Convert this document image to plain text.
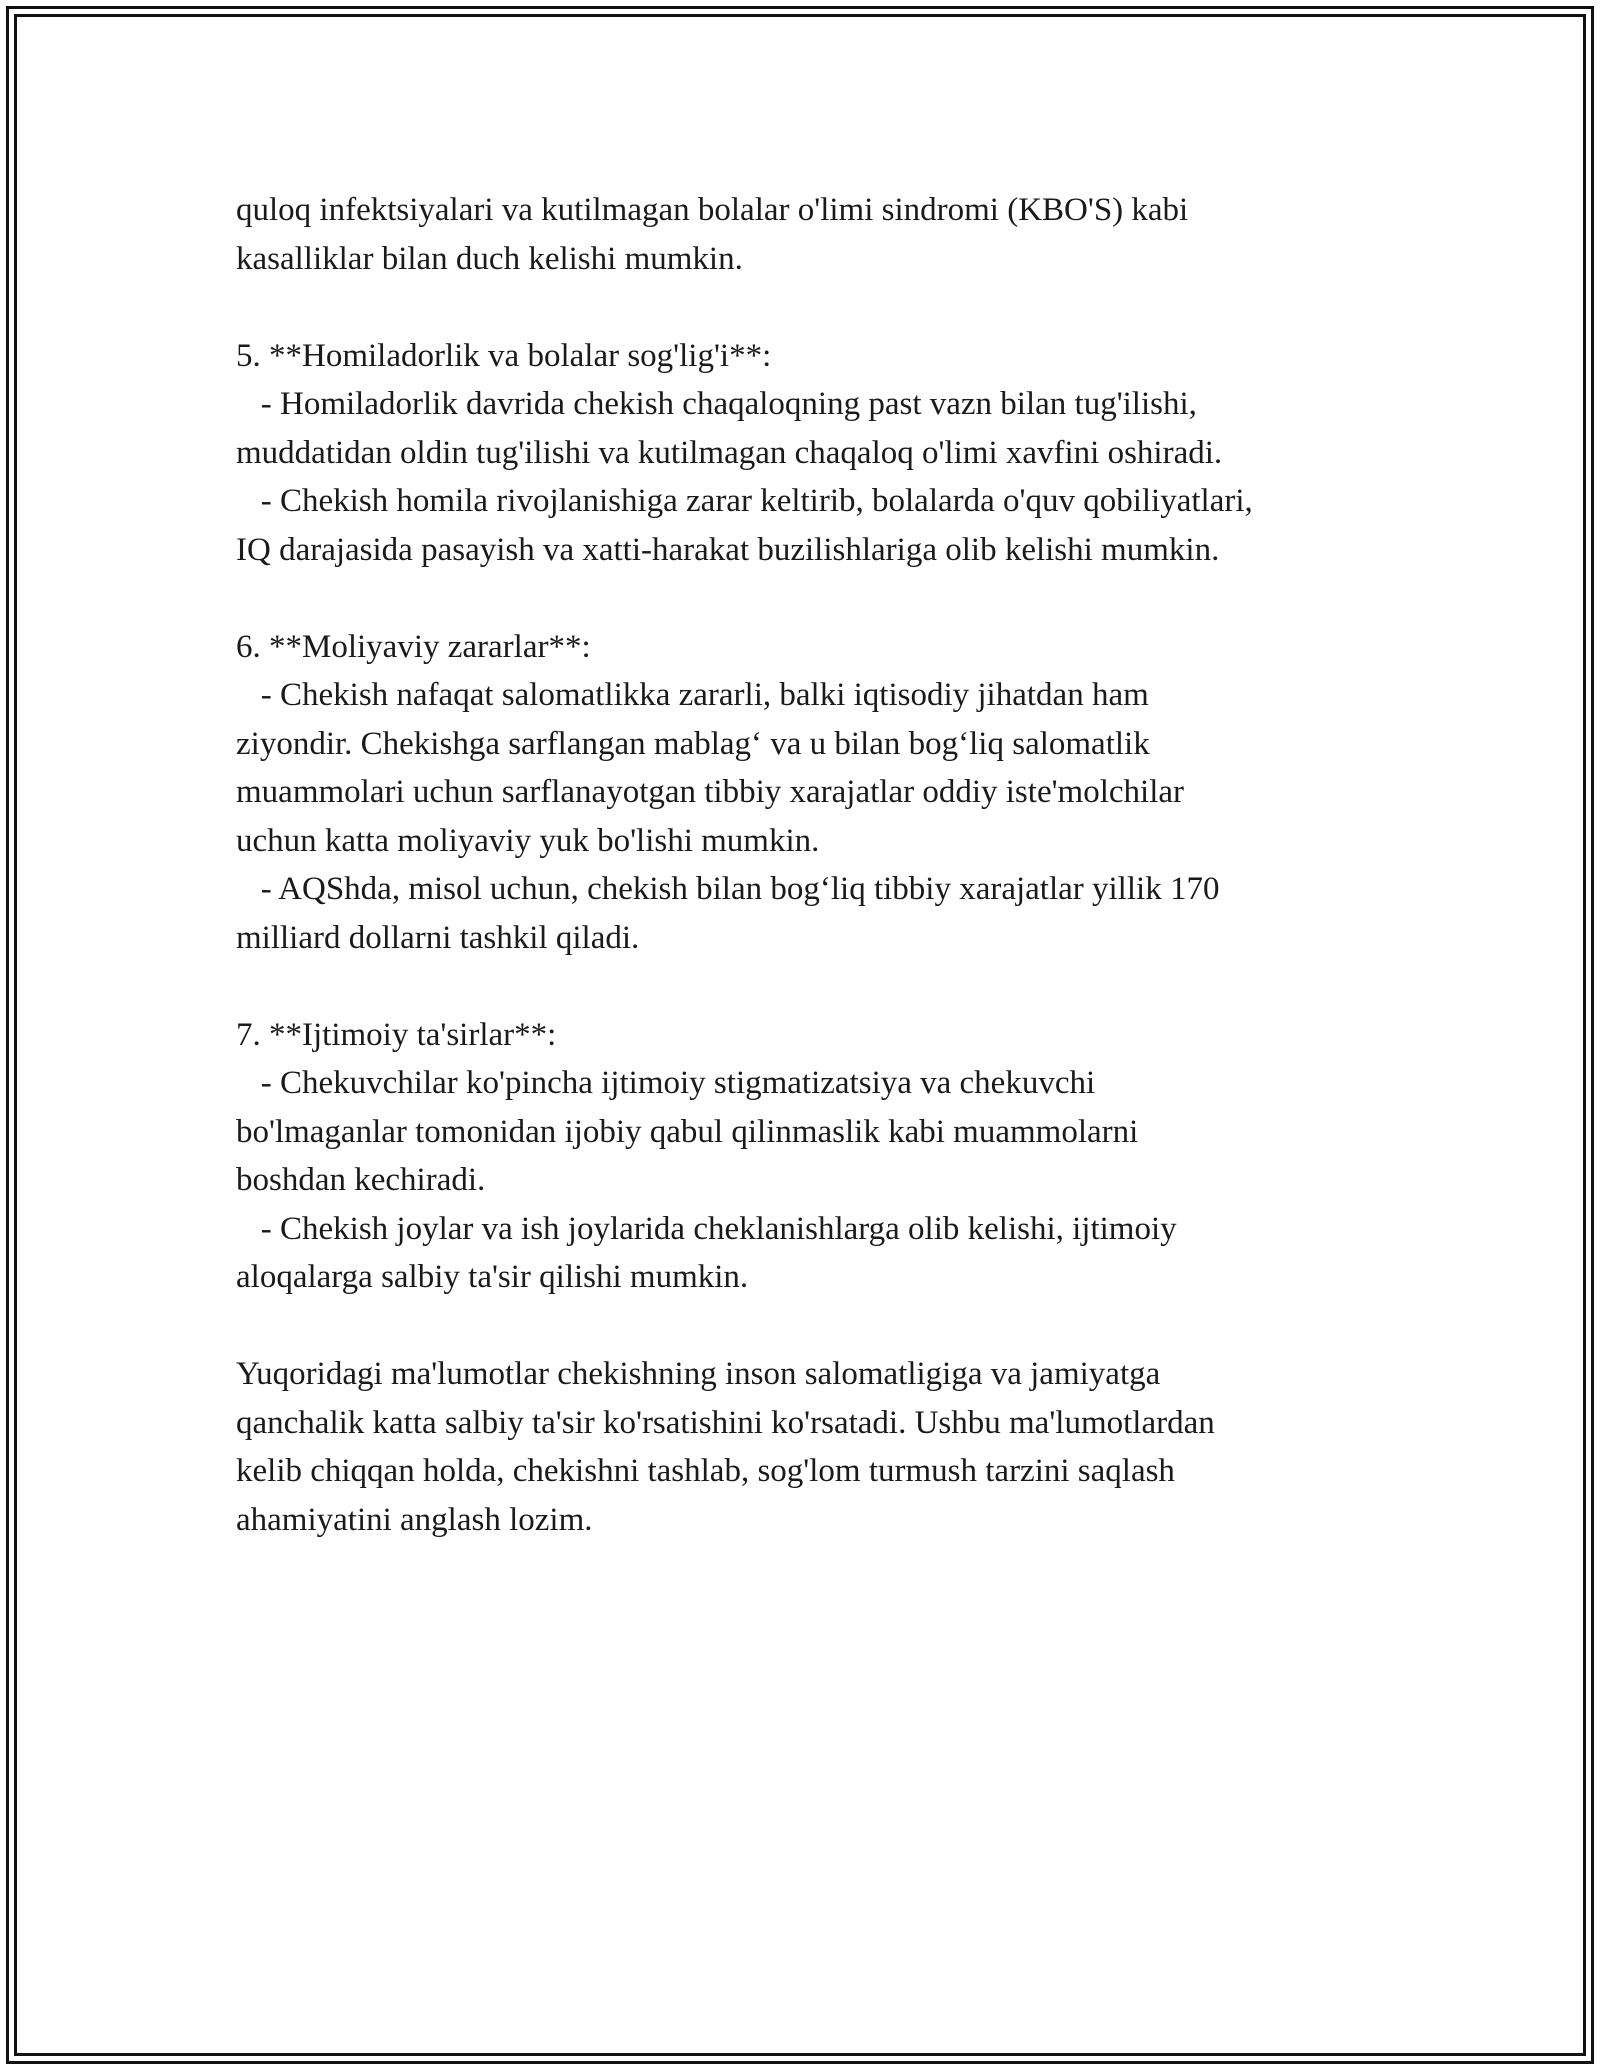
quloq infektsiyalari va kutilmagan bolalar o'limi sindromi (KBO'S) kabi
kasalliklar bilan duch kelishi mumkin.
5. **Homiladorlik va bolalar sog'lig'i**:
- Homiladorlik davrida chekish chaqaloqning past vazn bilan tug'ilishi,
muddatidan oldin tug'ilishi va kutilmagan chaqaloq o'limi xavfini oshiradi.
- Chekish homila rivojlanishiga zarar keltirib, bolalarda o'quv qobiliyatlari,
IQ darajasida pasayish va xatti-harakat buzilishlariga olib kelishi mumkin.
6. **Moliyaviy zararlar**:
- Chekish nafaqat salomatlikka zararli, balki iqtisodiy jihatdan ham
ziyondir. Chekishga sarflangan mablag‘ va u bilan bog‘liq salomatlik
muammolari uchun sarflanayotgan tibbiy xarajatlar oddiy iste'molchilar
uchun katta moliyaviy yuk bo'lishi mumkin.
- AQShda, misol uchun, chekish bilan bog‘liq tibbiy xarajatlar yillik 170
milliard dollarni tashkil qiladi.
7. **Ijtimoiy ta'sirlar**:
- Chekuvchilar ko'pincha ijtimoiy stigmatizatsiya va chekuvchi
bo'lmaganlar tomonidan ijobiy qabul qilinmaslik kabi muammolarni
boshdan kechiradi.
- Chekish joylar va ish joylarida cheklanishlarga olib kelishi, ijtimoiy
aloqalarga salbiy ta'sir qilishi mumkin.
Yuqoridagi ma'lumotlar chekishning inson salomatligiga va jamiyatga
qanchalik katta salbiy ta'sir ko'rsatishini ko'rsatadi. Ushbu ma'lumotlardan
kelib chiqqan holda, chekishni tashlab, sog'lom turmush tarzini saqlash
ahamiyatini anglash lozim.
